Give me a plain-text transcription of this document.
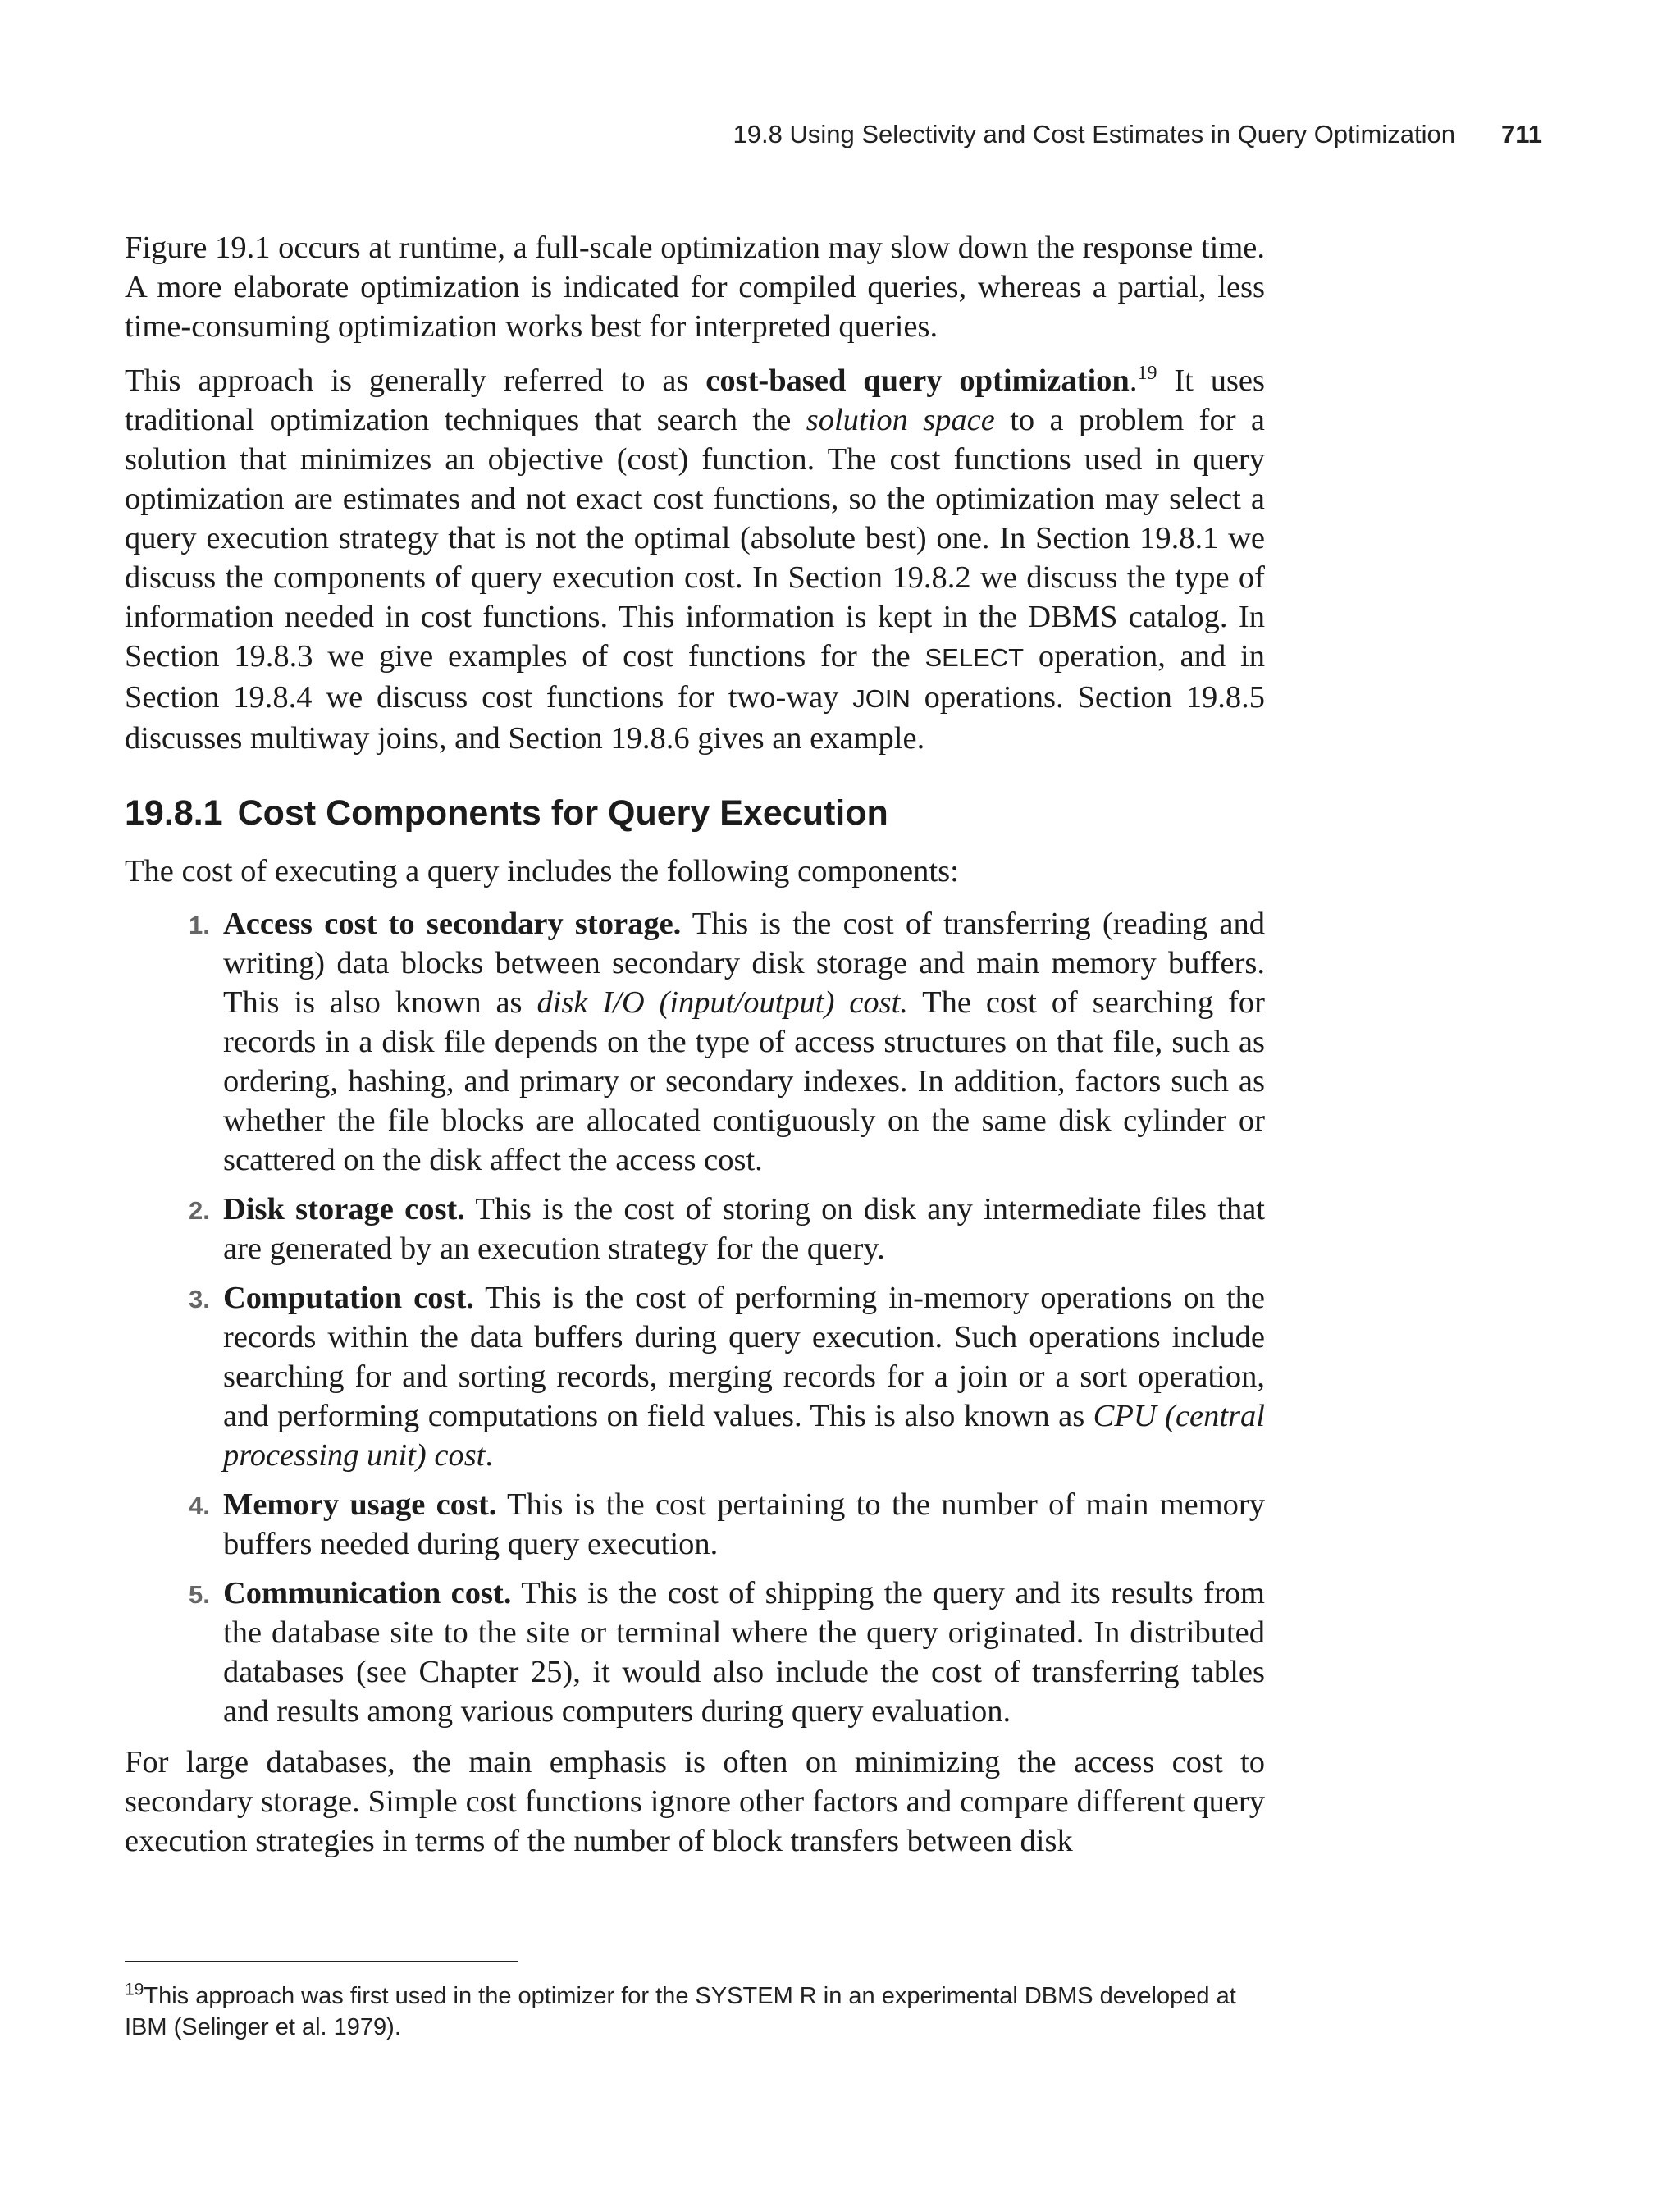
19.8 Using Selectivity and Cost Estimates in Query Optimization 711

Figure 19.1 occurs at runtime, a full-scale optimization may slow down the response time. A more elaborate optimization is indicated for compiled queries, whereas a partial, less time-consuming optimization works best for interpreted queries.

This approach is generally referred to as cost-based query optimization.$^{19}$ It uses traditional optimization techniques that search the solution space to a problem for a solution that minimizes an objective (cost) function. The cost functions used in query optimization are estimates and not exact cost functions, so the optimization may select a query execution strategy that is not the optimal (absolute best) one. In Section 19.8.1 we discuss the components of query execution cost. In Section 19.8.2 we discuss the type of information needed in cost functions. This information is kept in the DBMS catalog. In Section 19.8.3 we give examples of cost functions for the SELECT operation, and in Section 19.8.4 we discuss cost functions for two-way JOIN operations. Section 19.8.5 discusses multiway joins, and Section 19.8.6 gives an example.

19.8.1 Cost Components for Query Execution

The cost of executing a query includes the following components:

1. Access cost to secondary storage. This is the cost of transferring (reading and writing) data blocks between secondary disk storage and main memory buffers. This is also known as disk I/O (input/output) cost. The cost of searching for records in a disk file depends on the type of access structures on that file, such as ordering, hashing, and primary or secondary indexes. In addition, factors such as whether the file blocks are allocated contiguously on the same disk cylinder or scattered on the disk affect the access cost.
2. Disk storage cost. This is the cost of storing on disk any intermediate files that are generated by an execution strategy for the query.
3. Computation cost. This is the cost of performing in-memory operations on the records within the data buffers during query execution. Such operations include searching for and sorting records, merging records for a join or a sort operation, and performing computations on field values. This is also known as CPU (central processing unit) cost.
4. Memory usage cost. This is the cost pertaining to the number of main memory buffers needed during query execution.
5. Communication cost. This is the cost of shipping the query and its results from the database site to the site or terminal where the query originated. In distributed databases (see Chapter 25), it would also include the cost of transferring tables and results among various computers during query evaluation.

For large databases, the main emphasis is often on minimizing the access cost to secondary storage. Simple cost functions ignore other factors and compare different query execution strategies in terms of the number of block transfers between disk

$^{19}$This approach was first used in the optimizer for the SYSTEM R in an experimental DBMS developed at IBM (Selinger et al. 1979).
